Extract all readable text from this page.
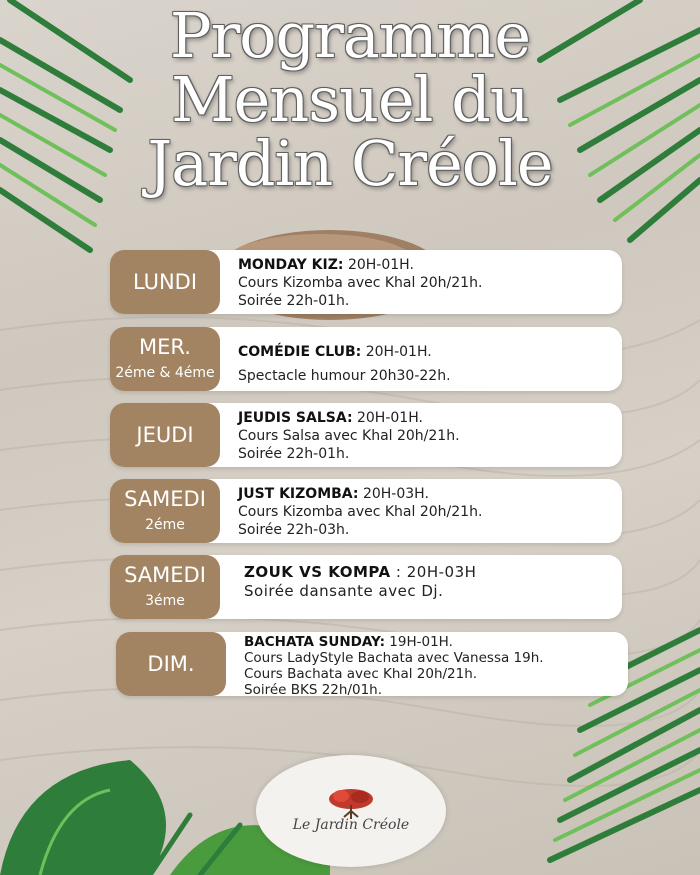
Programme
Mensuel du
Jardin Créole
LUNDI
MONDAY KIZ: 20H-01H.
Cours Kizomba avec Khal 20h/21h.
Soirée 22h-01h.
MER.
2éme & 4éme
COMÉDIE CLUB: 20H-01H.
Spectacle humour 20h30-22h.
JEUDI
JEUDIS SALSA: 20H-01H.
Cours Salsa avec Khal 20h/21h.
Soirée 22h-01h.
SAMEDI
2éme
JUST KIZOMBA: 20H-03H.
Cours Kizomba avec Khal 20h/21h.
Soirée 22h-03h.
SAMEDI
3éme
ZOUK VS KOMPA : 20H-03H
Soirée dansante avec Dj.
DIM.
BACHATA SUNDAY: 19H-01H.
Cours LadyStyle Bachata avec Vanessa 19h.
Cours Bachata avec Khal 20h/21h.
Soirée BKS 22h/01h.
Le Jardin Créole
